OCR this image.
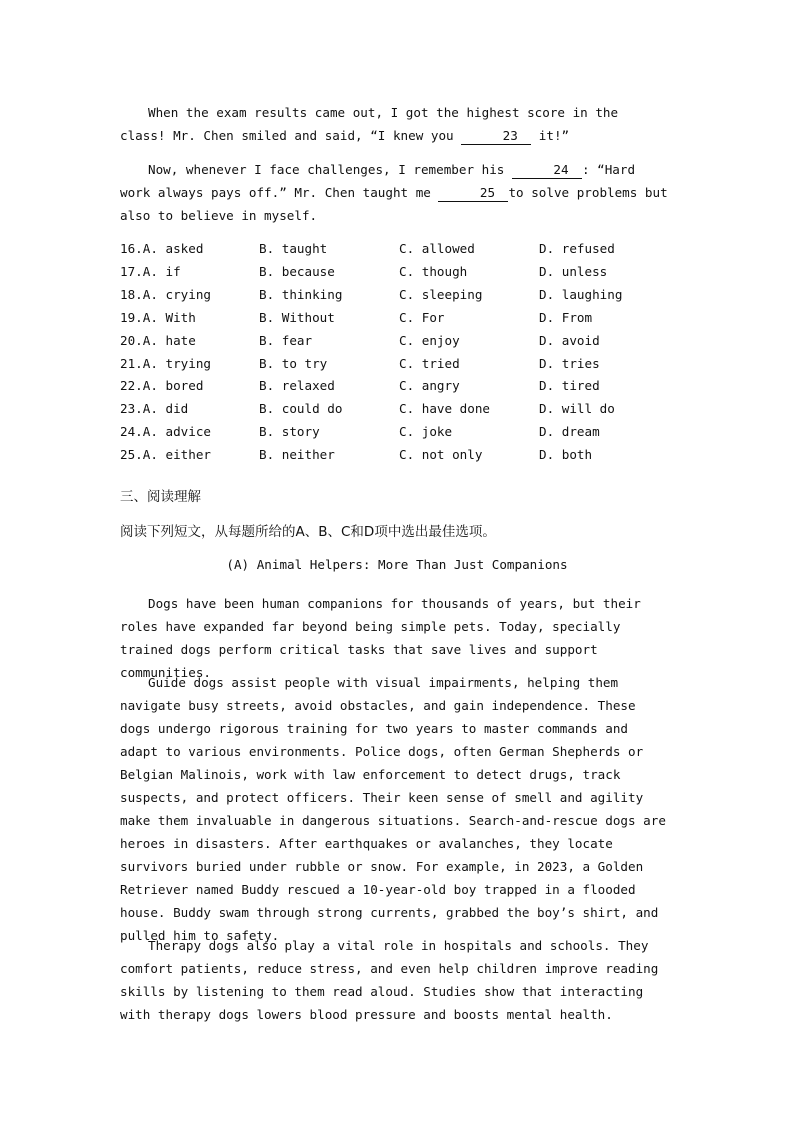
When the exam results came out, I got the highest score in the class! Mr. Chen smiled and said, “I knew you	23 it!”

Now, whenever I face challenges, I remember his	24 : “Hard work always pays off.” Mr. Chen taught me	25 to solve problems but also to believe in myself.

16.A. asked	B. taught	C. allowed	D. refused
17.A. if	B. because	C. though	D. unless
18.A. crying	B. thinking	C. sleeping	D. laughing
19.A. With	B. Without	C. For	D. From
20.A. hate	B. fear	C. enjoy	D. avoid
21.A. trying	B. to try	C. tried	D. tries
22.A. bored	B. relaxed	C. angry	D. tired
23.A. did	B. could do	C. have done	D. will do
24.A. advice	B. story	C. joke	D. dream
25.A. either	B. neither	C. not only	D. both
三、阅读理解
阅读下列短文，从每题所给的A、B、C和D项中选出最佳选项。
(A) Animal Helpers: More Than Just Companions

Dogs have been human companions for thousands of years, but their roles have expanded far beyond being simple pets. Today, specially trained dogs perform critical tasks that save lives and support communities.

Guide dogs assist people with visual impairments, helping them navigate busy streets, avoid obstacles, and gain independence. These dogs undergo rigorous training for two years to master commands and adapt to various environments. Police dogs, often German Shepherds or Belgian Malinois, work with law enforcement to detect drugs, track suspects, and protect officers. Their keen sense of smell and agility make them invaluable in dangerous situations. Search-and-rescue dogs are heroes in disasters. After earthquakes or avalanches, they locate survivors buried under rubble or snow. For example, in 2023, a Golden Retriever named Buddy rescued a 10-year-old boy trapped in a flooded house. Buddy swam through strong currents, grabbed the boy’s shirt, and pulled him to safety.

Therapy dogs also play a vital role in hospitals and schools. They comfort patients, reduce stress, and even help children improve reading skills by listening to them read aloud. Studies show that interacting with therapy dogs lowers blood pressure and boosts mental health.
